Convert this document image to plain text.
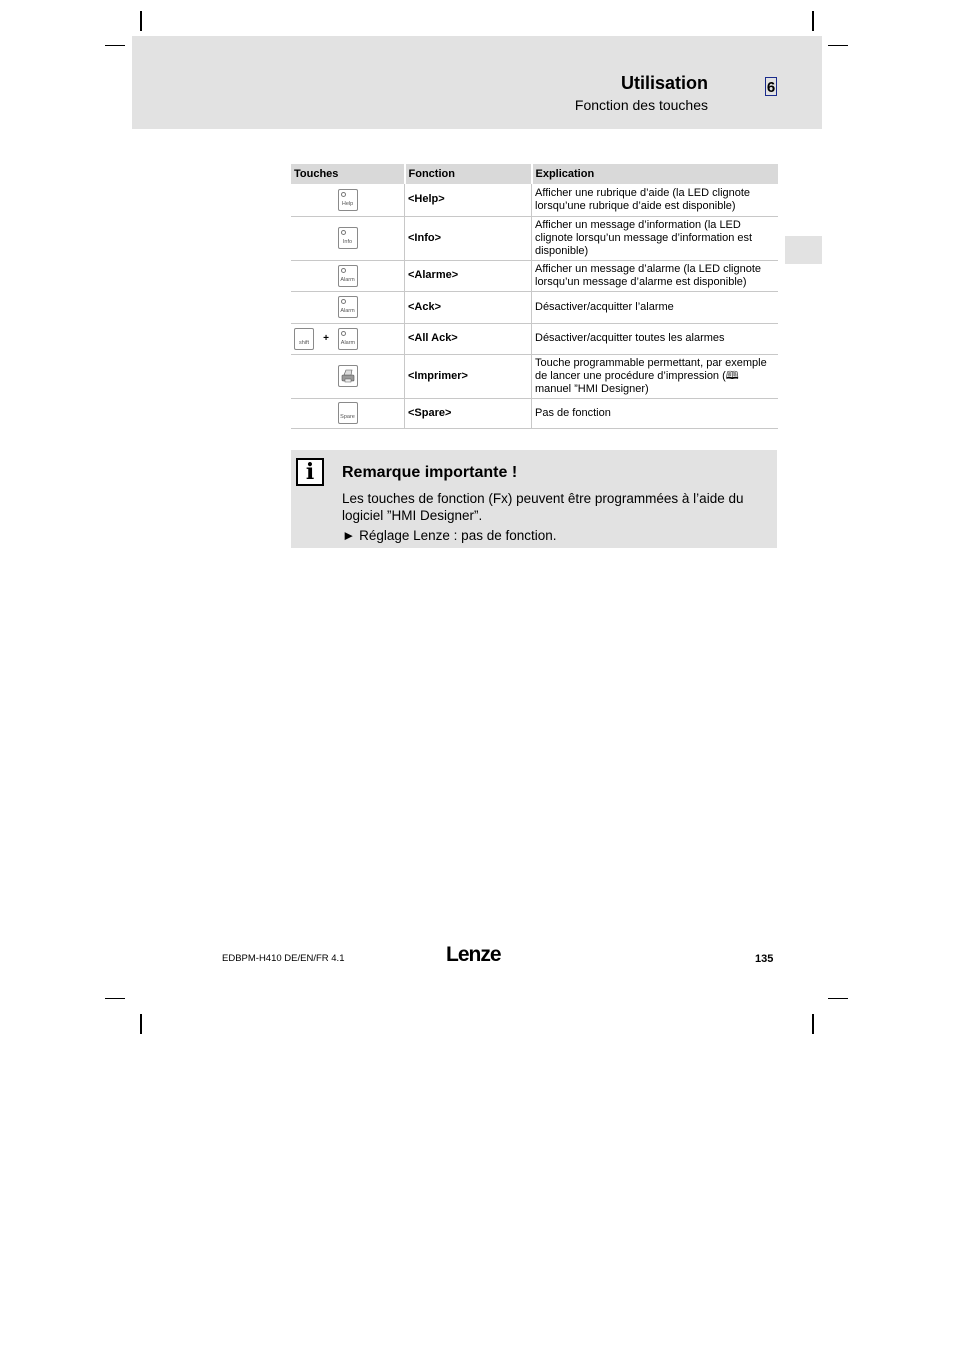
Utilisation
Fonction des touches
6
Touches	Fonction	Explication

Help	<Help>	Afficher une rubrique d’aide (la LED clignote lorsqu’une rubrique d’aide est disponible)

Info	<Info>	Afficher un message d’information (la LED clignote lorsqu’un message d’information est disponible)

Alarm	<Alarme>	Afficher un message d’alarme (la LED clignote lorsqu’un message d’alarme est disponible)

Alarm	<Ack>	Désactiver/acquitter l’alarme

shift + Alarm	<All Ack>	Désactiver/acquitter toutes les alarmes

	<Imprimer>	Touche programmable permettant, par exemple de lancer une procédure d’impression (🕮 manuel ”HMI Designer)

Spare	<Spare>	Pas de fonction
i	Remarque importante !
Les touches de fonction (Fx) peuvent être programmées à l’aide du logiciel ”HMI Designer”.
► Réglage Lenze : pas de fonction.
EDBPM-H410 DE/EN/FR 4.1	Lenze	135
